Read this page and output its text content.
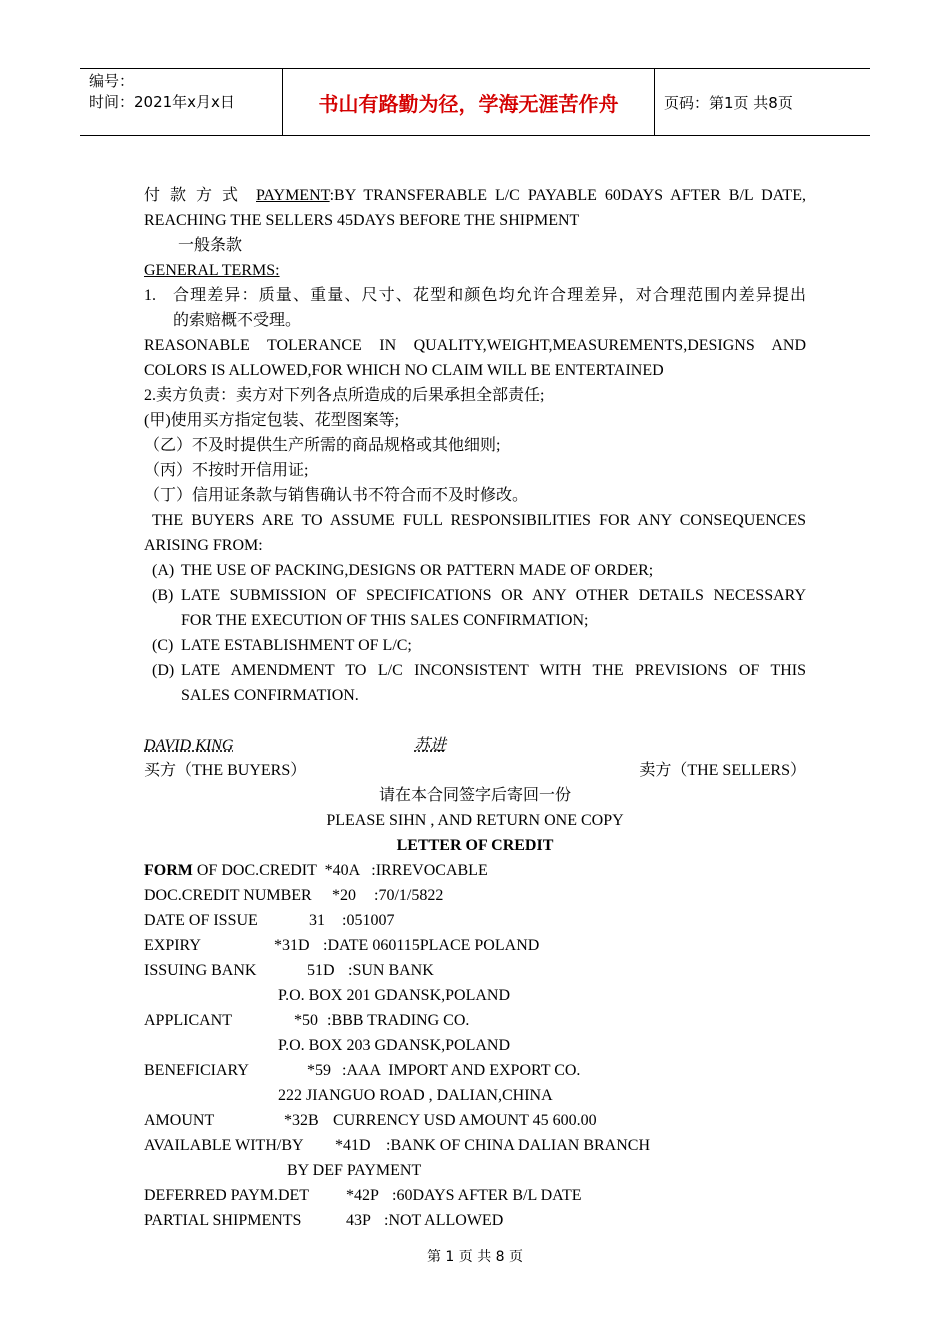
编号：
时间：2021年x月x日	书山有路勤为径，学海无涯苦作舟	页码：第1页 共8页
付款方式 PAYMENT:BY TRANSFERABLE L/C PAYABLE 60DAYS AFTER B/L DATE,
REACHING THE SELLERS 45DAYS BEFORE THE SHIPMENT
一般条款
GENERAL TERMS:
1.	合理差异：质量、重量、尺寸、花型和颜色均允许合理差异，对合理范围内差异提出
的索赔概不受理。
REASONABLE TOLERANCE IN QUALITY,WEIGHT,MEASUREMENTS,DESIGNS AND
COLORS IS ALLOWED,FOR WHICH NO CLAIM WILL BE ENTERTAINED
2.卖方负责：卖方对下列各点所造成的后果承担全部责任;
(甲)使用买方指定包装、花型图案等;
（乙）不及时提供生产所需的商品规格或其他细则;
（丙）不按时开信用证;
（丁）信用证条款与销售确认书不符合而不及时修改。
THE BUYERS ARE TO ASSUME FULL RESPONSIBILITIES FOR ANY CONSEQUENCES
ARISING FROM:
(A) THE USE OF PACKING,DESIGNS OR PATTERN MADE OF ORDER;
(B) LATE SUBMISSION OF SPECIFICATIONS OR ANY OTHER DETAILS NECESSARY
FOR THE EXECUTION OF THIS SALES CONFIRMATION;
(C) LATE ESTABLISHMENT OF L/C;
(D) LATE AMENDMENT TO L/C INCONSISTENT WITH THE PREVISIONS OF THIS
SALES CONFIRMATION.
DAVID KING	苏进
买方（THE BUYERS）	卖方（THE SELLERS）
请在本合同签字后寄回一份
PLEASE SIHN , AND RETURN ONE COPY
LETTER OF CREDIT
FORM OF DOC.CREDIT  *40A   :IRREVOCABLE
DOC.CREDIT NUMBER *20 :70/1/5822
DATE OF ISSUE	31 :051007
EXPIRY	*31D :DATE 060115PLACE POLAND
ISSUING BANK	51D :SUN BANK
P.O. BOX 201 GDANSK,POLAND
APPLICANT	*50 :BBB TRADING CO.
P.O. BOX 203 GDANSK,POLAND
BENEFICIARY	*59 :AAA  IMPORT AND EXPORT CO.
222 JIANGUO ROAD , DALIAN,CHINA
AMOUNT	*32B CURRENCY USD AMOUNT 45 600.00
AVAILABLE WITH/BY *41D :BANK OF CHINA DALIAN BRANCH
BY DEF PAYMENT
DEFERRED PAYM.DET *42P :60DAYS AFTER B/L DATE
PARTIAL SHIPMENTS	43P :NOT ALLOWED
第 1 页 共 8 页
